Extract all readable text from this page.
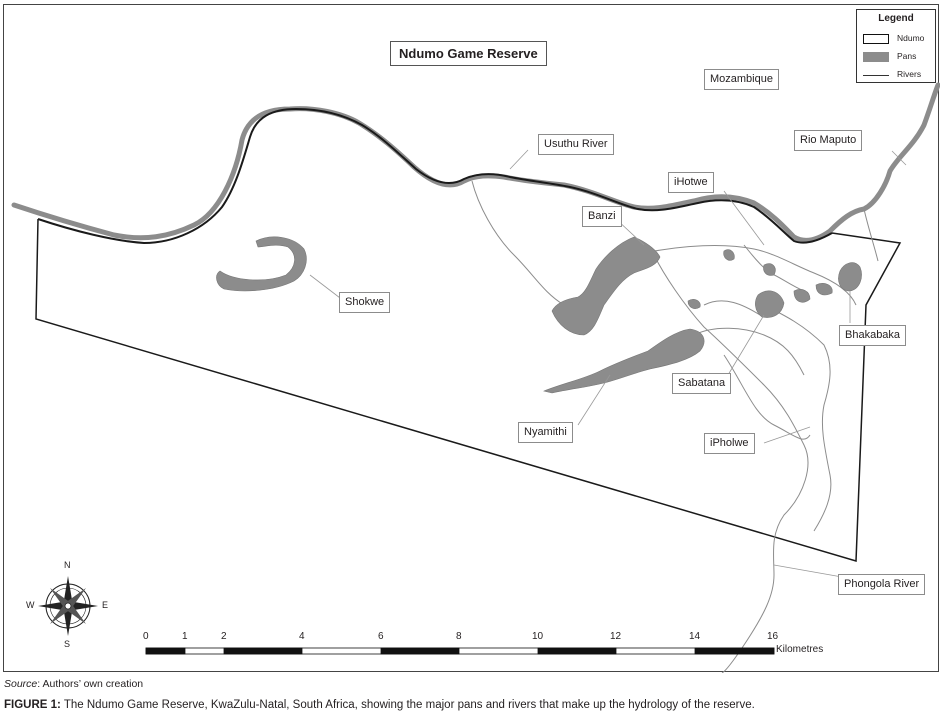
Ndumo Game Reserve
Mozambique
Usuthu River	Rio Maputo
iHotwe
Banzi
Shokwe
Bhakabaka
Sabatana
Nyamithi
iPholwe
Phongola River
Legend
Ndumo
Pans
Rivers
N
S
W	E
0	1	2	4	6	8	10	12	14	16
Kilometres
Source: Authors’ own creation
FIGURE 1: The Ndumo Game Reserve, KwaZulu-Natal, South Africa, showing the major pans and rivers that make up the hydrology of the reserve.
